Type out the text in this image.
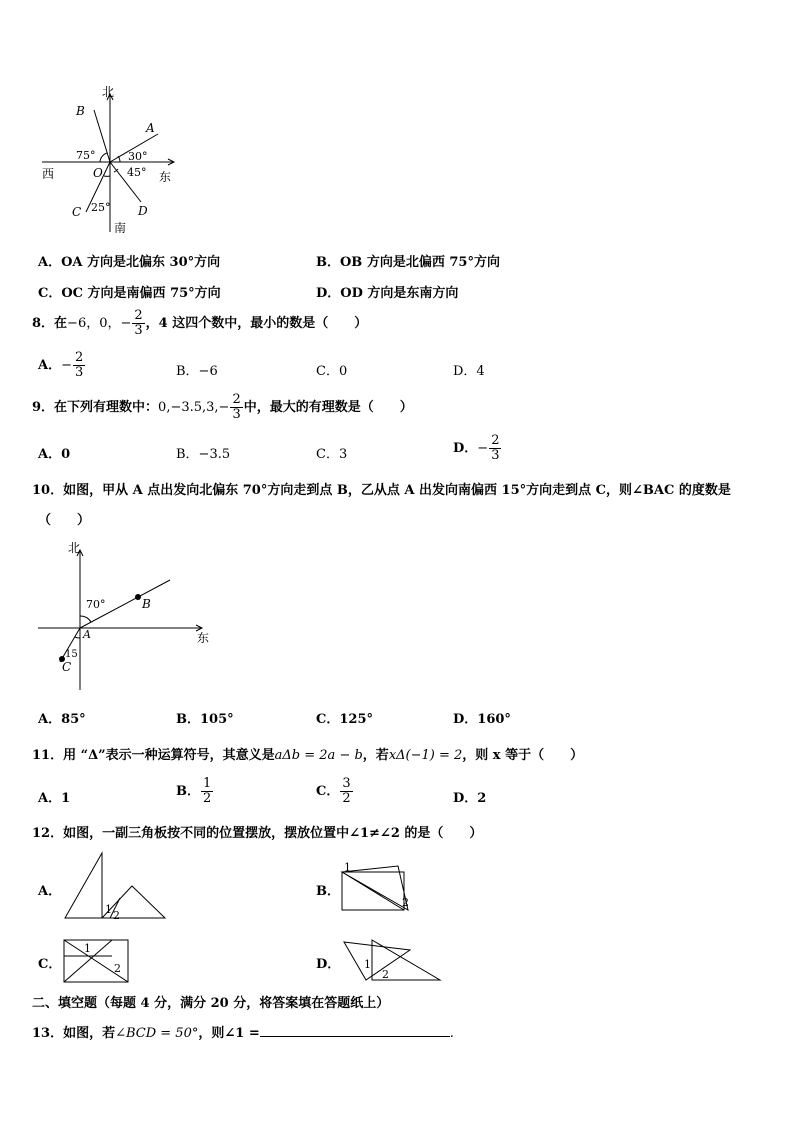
北
南
东
西
B
A
C	D
O
75°	30°
45°
25°
A．OA 方向是北偏东 30°方向	B．OB 方向是北偏西 75°方向
C．OC 方向是南偏西 75°方向	D．OD 方向是东南方向
8．在−6，0，− $\frac{2}{3}$ ，4 这四个数中，最小的数是（　　）
A．− $\frac{2}{3}$	B．−6	C．0	D．4
9．在下列有理数中：$0,-3.5,3,- \frac{2}{3}$ 中，最大的有理数是（　　）
A．0	B．−3.5	C．3	D．− $\frac{2}{3}$
10．如图，甲从 A 点出发向北偏东 70°方向走到点 B，乙从点 A 出发向南偏西 15°方向走到点 C，则∠BAC 的度数是
（　　）
北
东
70°
15
A
B
C
A．85°	B．105°	C．125°	D．160°
11．用 “Δ”表示一种运算符号，其意义是aΔb = 2a − b，若xΔ(−1) = 2，则 x 等于（　　）
A．1	B． $\frac{1}{2}$	C． $\frac{3}{2}$	D．2
12．如图，一副三角板按不同的位置摆放，摆放位置中∠1≠∠2 的是（　　）
A．
1 2
B．
1
2
C．
1
2	D． 1
2
二、填空题（每题 4 分，满分 20 分，将答案填在答题纸上）
13．如图，若∠BCD = 50°，则∠1 =	.
